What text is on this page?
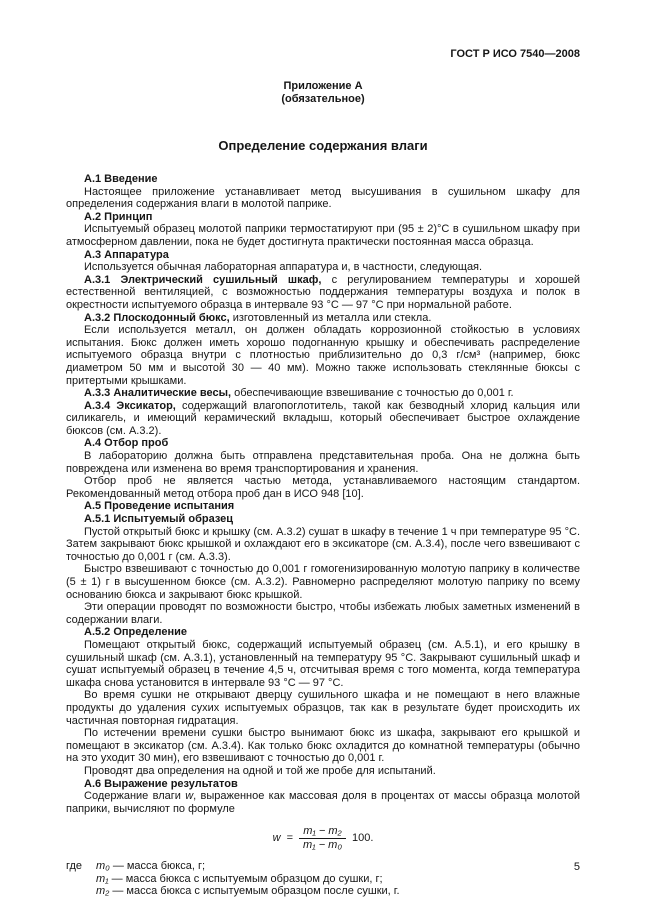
ГОСТ Р ИСО 7540—2008
Приложение А
(обязательное)
Определение содержания влаги

А.1 Введение

Настоящее приложение устанавливает метод высушивания в сушильном шкафу для определения содержания влаги в молотой паприке.

А.2 Принцип

Испытуемый образец молотой паприки термостатируют при (95 ± 2)°С в сушильном шкафу при атмосферном давлении, пока не будет достигнута практически постоянная масса образца.

А.3 Аппаратура

Используется обычная лабораторная аппаратура и, в частности, следующая.

А.3.1 Электрический сушильный шкаф, с регулированием температуры и хорошей естественной вентиляцией, с возможностью поддержания температуры воздуха и полок в окрестности испытуемого образца в интервале 93 °С — 97 °С при нормальной работе.

А.3.2 Плоскодонный бюкс, изготовленный из металла или стекла.

Если используется металл, он должен обладать коррозионной стойкостью в условиях испытания. Бюкс должен иметь хорошо подогнанную крышку и обеспечивать распределение испытуемого образца внутри с плотностью приблизительно до 0,3 г/см³ (например, бюкс диаметром 50 мм и высотой 30 — 40 мм). Можно также использовать стеклянные бюксы с притертыми крышками.

А.3.3 Аналитические весы, обеспечивающие взвешивание с точностью до 0,001 г.

А.3.4 Эксикатор, содержащий влагопоглотитель, такой как безводный хлорид кальция или силикагель, и имеющий керамический вкладыш, который обеспечивает быстрое охлаждение бюксов (см. А.3.2).

А.4 Отбор проб

В лабораторию должна быть отправлена представительная проба. Она не должна быть повреждена или изменена во время транспортирования и хранения.

Отбор проб не является частью метода, устанавливаемого настоящим стандартом. Рекомендованный метод отбора проб дан в ИСО 948 [10].

А.5 Проведение испытания

А.5.1 Испытуемый образец

Пустой открытый бюкс и крышку (см. А.3.2) сушат в шкафу в течение 1 ч при температуре 95 °С. Затем закрывают бюкс крышкой и охлаждают его в эксикаторе (см. А.3.4), после чего взвешивают с точностью до 0,001 г (см. А.3.3).

Быстро взвешивают с точностью до 0,001 г гомогенизированную молотую паприку в количестве (5 ± 1) г в высушенном бюксе (см. А.3.2). Равномерно распределяют молотую паприку по всему основанию бюкса и закрывают бюкс крышкой.

Эти операции проводят по возможности быстро, чтобы избежать любых заметных изменений в содержании влаги.

А.5.2 Определение

Помещают открытый бюкс, содержащий испытуемый образец (см. А.5.1), и его крышку в сушильный шкаф (см. А.3.1), установленный на температуру 95 °С. Закрывают сушильный шкаф и сушат испытуемый образец в течение 4,5 ч, отсчитывая время с того момента, когда температура шкафа снова установится в интервале 93 °С — 97 °С.

Во время сушки не открывают дверцу сушильного шкафа и не помещают в него влажные продукты до удаления сухих испытуемых образцов, так как в результате будет происходить их частичная повторная гидратация.

По истечении времени сушки быстро вынимают бюкс из шкафа, закрывают его крышкой и помещают в эксикатор (см. А.3.4). Как только бюкс охладится до комнатной температуры (обычно на это уходит 30 мин), его взвешивают с точностью до 0,001 г.

Проводят два определения на одной и той же пробе для испытаний.

А.6 Выражение результатов

Содержание влаги w, выраженное как массовая доля в процентах от массы образца молотой паприки, вычисляют по формуле

$w = \frac{\text{m₁ − m₂}}{\text{m₁ − m₀}} 100$.
где	m₀ — масса бюкса, г;
m₁ — масса бюкса с испытуемым образцом до сушки, г;
m₂ — масса бюкса с испытуемым образцом после сушки, г.
5
